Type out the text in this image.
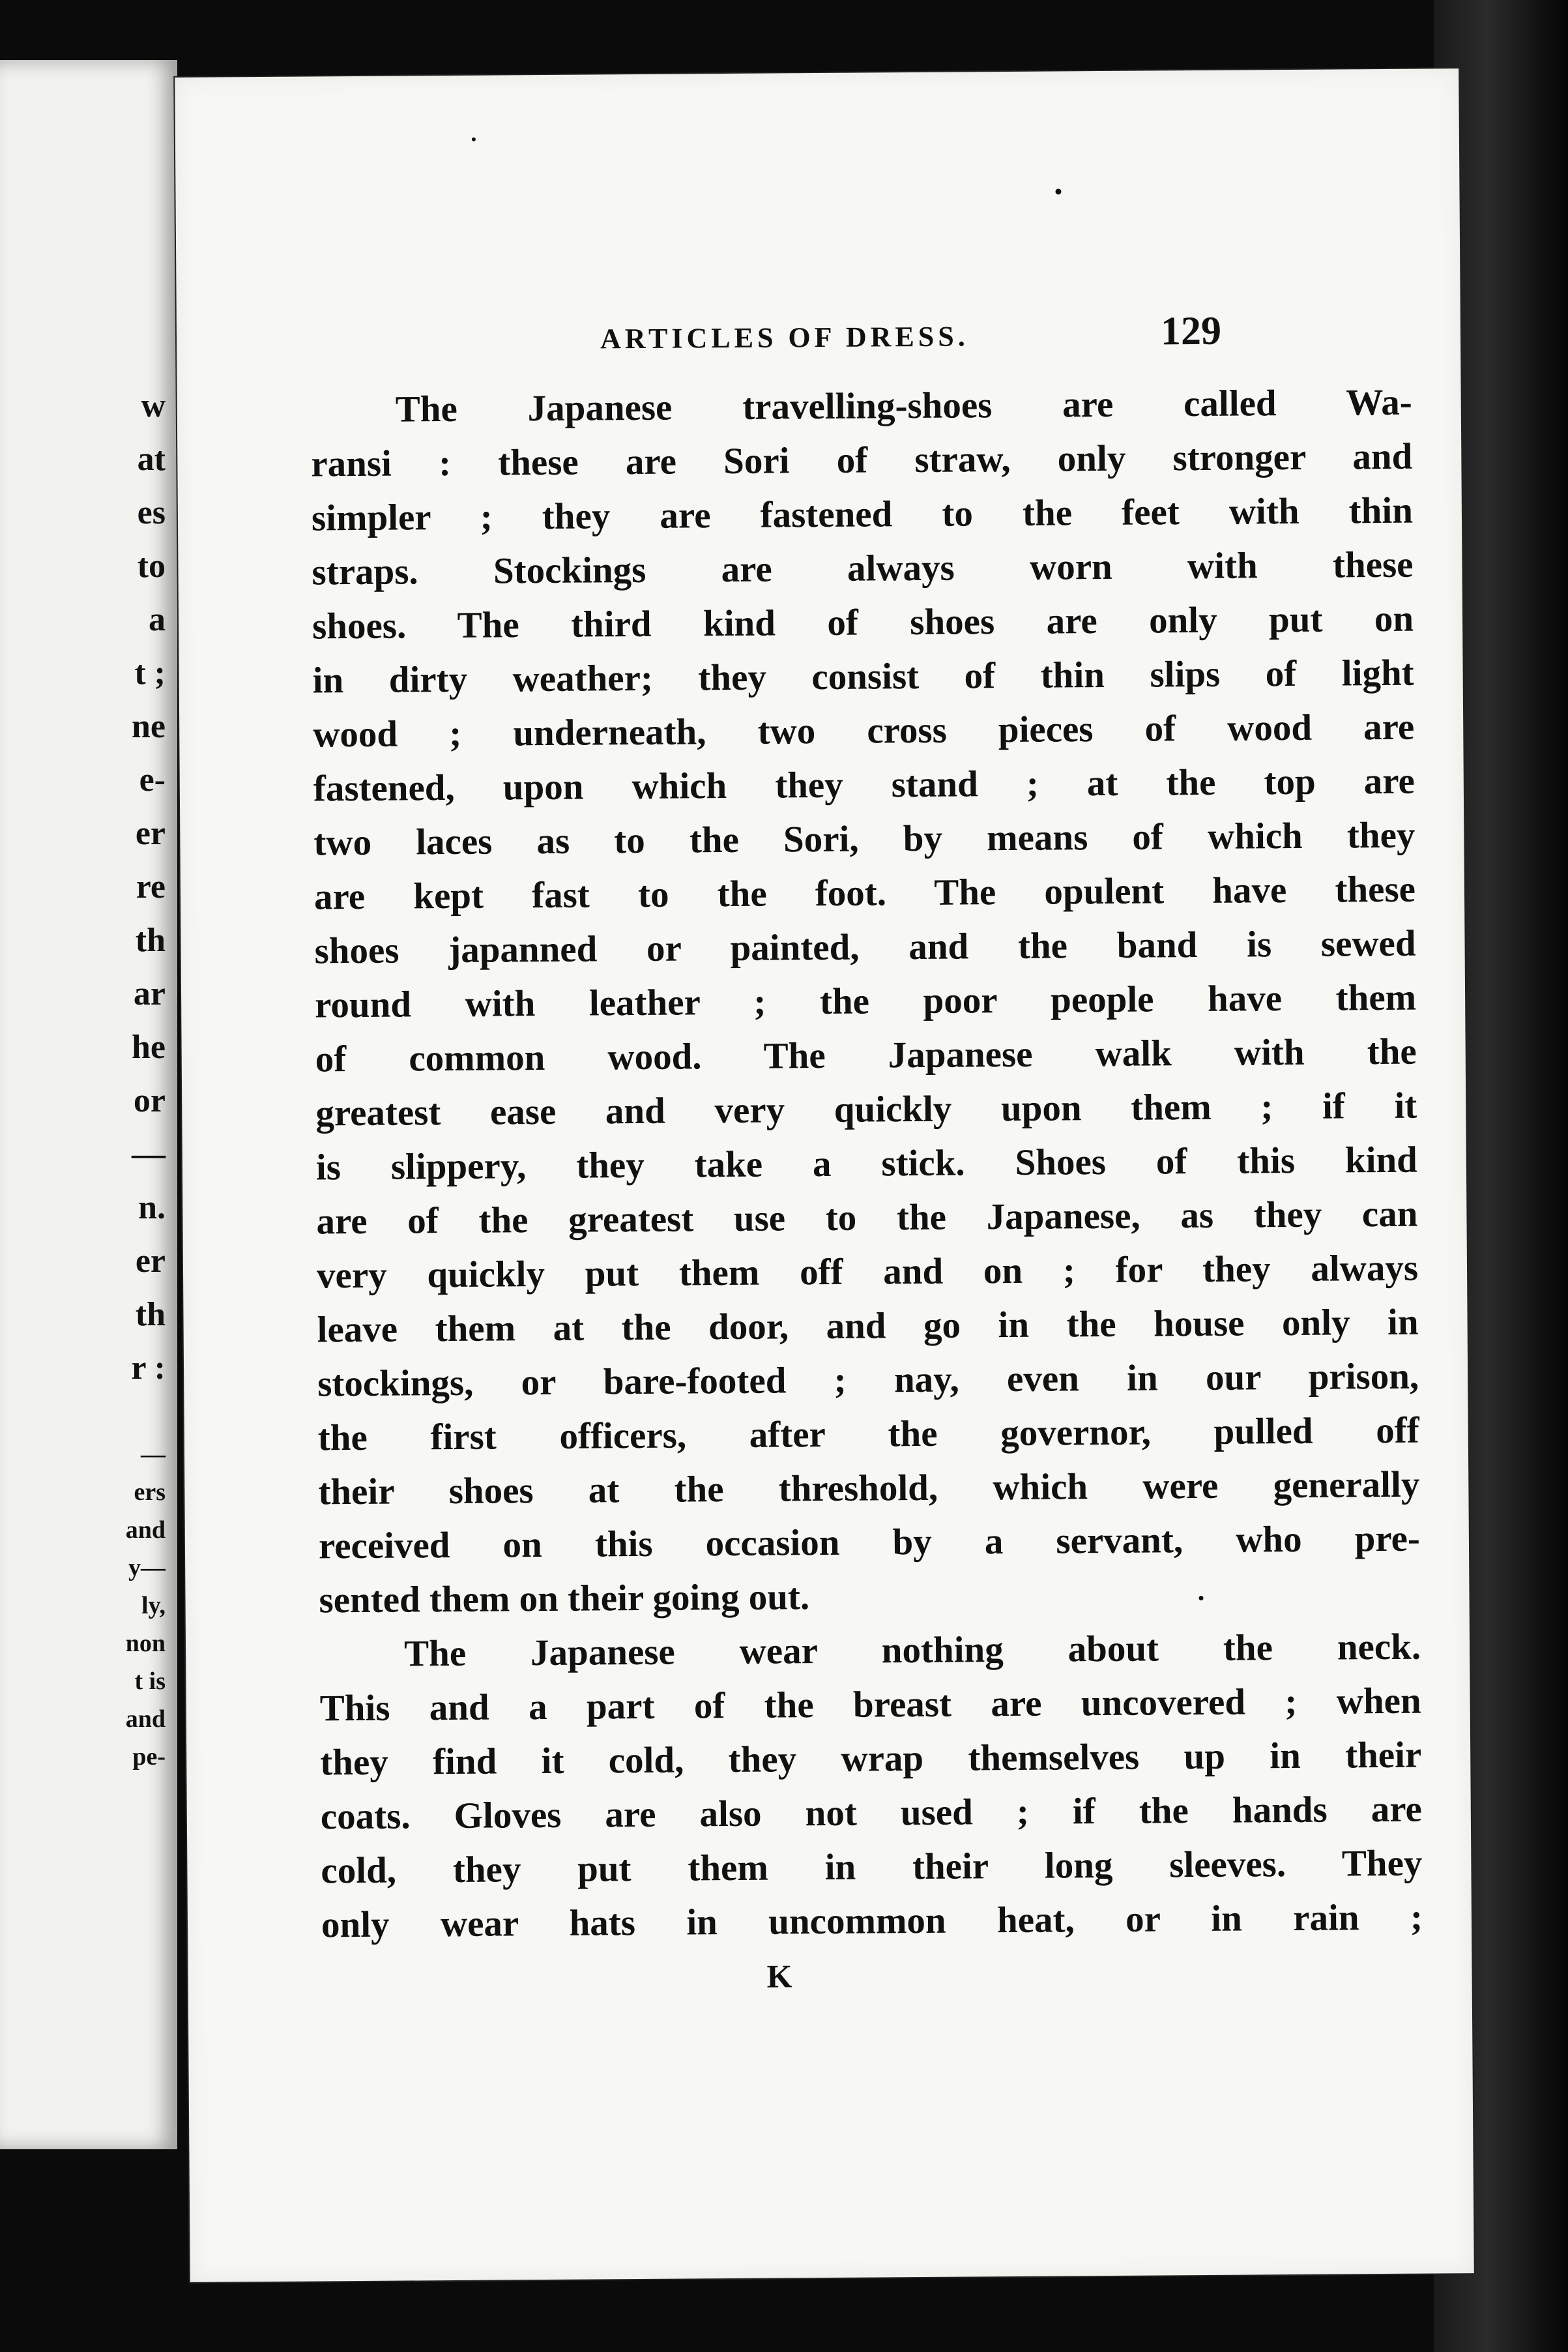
w
at
es
to
a
t ;
ne
e-
er
re
th
ar
he
or
—
n.
er
th
r :
—
ers
and
y—
ly,
non
t is
and
pe-
ARTICLES OF DRESS.	129
The Japanese travelling-shoes are called Wa-
ransi : these are Sori of straw, only stronger and
simpler ; they are fastened to the feet with thin
straps. Stockings are always worn with these
shoes. The third kind of shoes are only put on
in dirty weather; they consist of thin slips of light
wood ; underneath, two cross pieces of wood are
fastened, upon which they stand ; at the top are
two laces as to the Sori, by means of which they
are kept fast to the foot. The opulent have these
shoes japanned or painted, and the band is sewed
round with leather ; the poor people have them
of common wood. The Japanese walk with the
greatest ease and very quickly upon them ; if it
is slippery, they take a stick. Shoes of this kind
are of the greatest use to the Japanese, as they can
very quickly put them off and on ; for they always
leave them at the door, and go in the house only in
stockings, or bare-footed ; nay, even in our prison,
the first officers, after the governor, pulled off
their shoes at the threshold, which were generally
received on this occasion by a servant, who pre-
sented them on their going out.
The Japanese wear nothing about the neck.
This and a part of the breast are uncovered ; when
they find it cold, they wrap themselves up in their
coats. Gloves are also not used ; if the hands are
cold, they put them in their long sleeves. They
only wear hats in uncommon heat, or in rain ;
K
